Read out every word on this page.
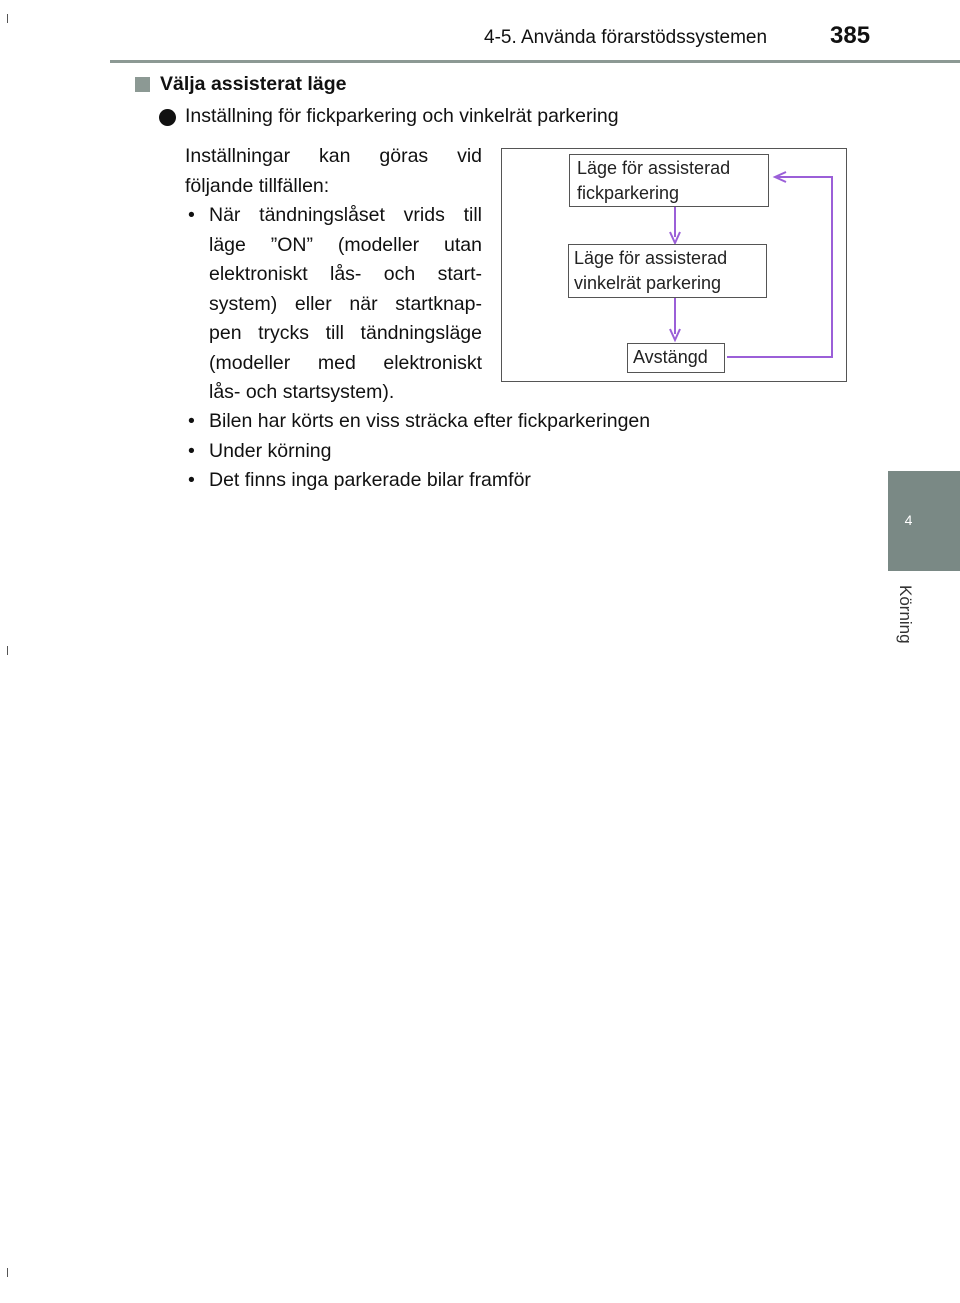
4-5. Använda förarstödssystemen	385
4
Körning
Välja assisterat läge
Inställning för fickparkering och vinkelrät parkering
Inställningar kan göras vid
följande tillfällen:
• När tändningslåset vrids till
läge ”ON” (modeller utan
elektroniskt lås- och start-
system) eller när startknap-
pen trycks till tändningsläge
(modeller med elektroniskt
lås- och startsystem).
• Bilen har körts en viss sträcka efter fickparkeringen
• Under körning
• Det finns inga parkerade bilar framför
Läge för assisterad
fickparkering
Läge för assisterad
vinkelrät parkering
Avstängd
